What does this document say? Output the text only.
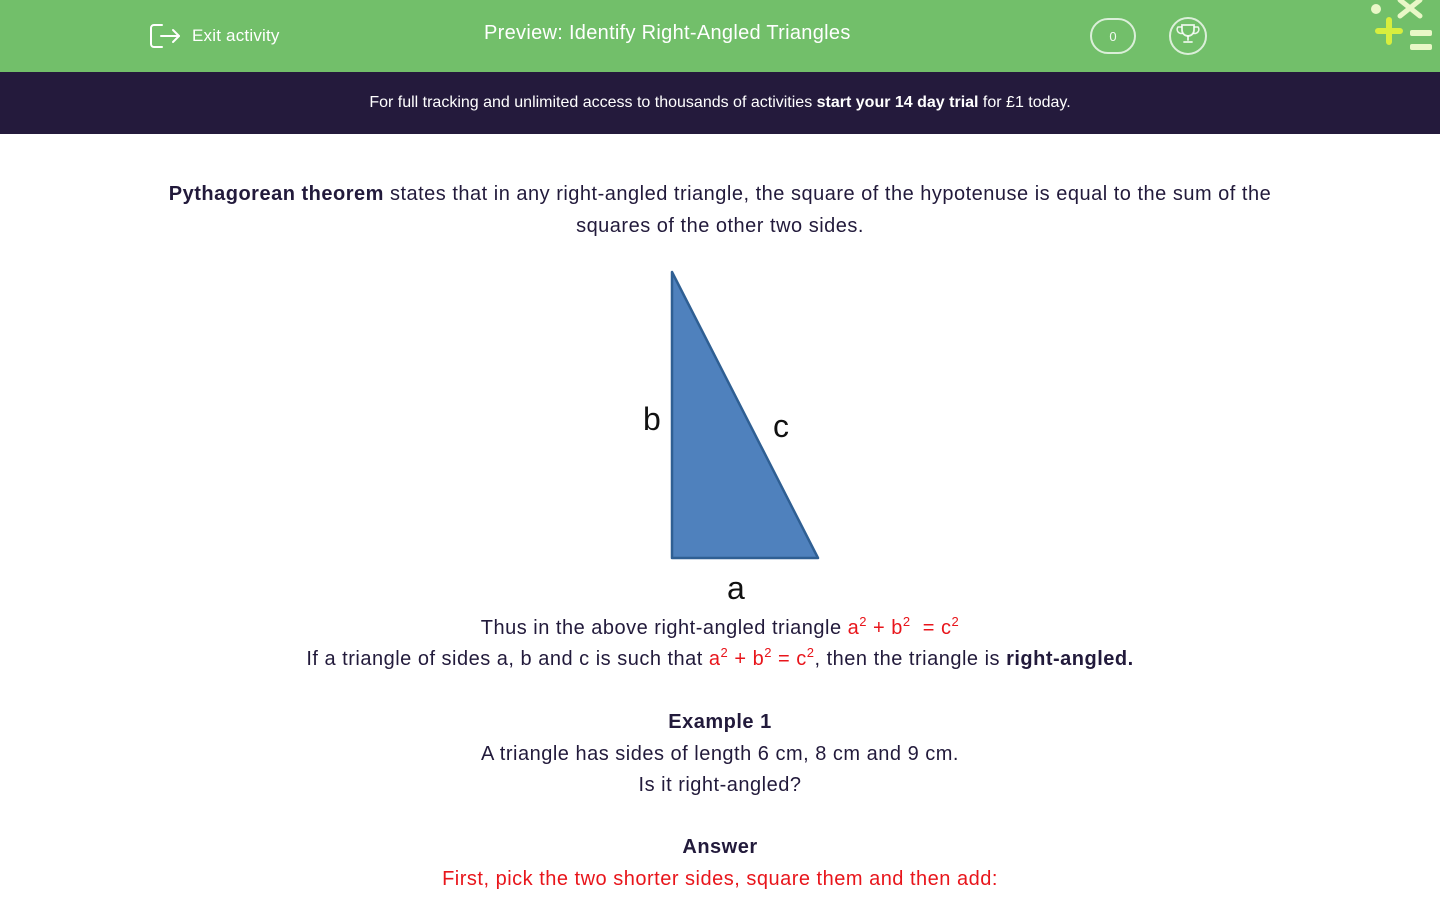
Exit activity	Preview: Identify Right-Angled Triangles	0
For full tracking and unlimited access to thousands of activities start your 14 day trial for £1 today.

Pythagorean theorem states that in any right-angled triangle, the square of the hypotenuse is equal to the sum of the squares of the other two sides.

b	c
a
Thus in the above right-angled triangle $a^2 + b^2 = c^2$
If a triangle of sides a, b and c is such that $a^2 + b^2 = c^2$, then the triangle is right-angled.
Example 1
A triangle has sides of length 6 cm, 8 cm and 9 cm.
Is it right-angled?
Answer
First, pick the two shorter sides, square them and then add:
